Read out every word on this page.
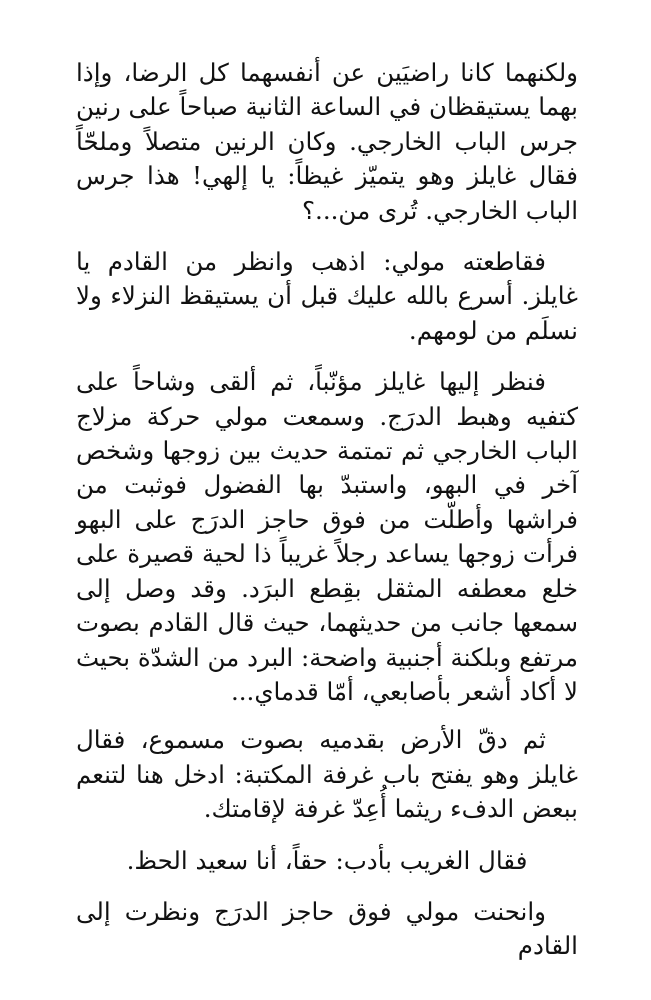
ولكنهما كانا راضيَين عن أنفسهما كل الرضا، وإذا بهما يستيقظان في الساعة الثانية صباحاً على رنين جرس الباب الخارجي. وكان الرنين متصلاً وملحّاً فقال غايلز وهو يتميّز غيظاً: يا إلهي! هذا جرس الباب الخارجي. تُرى من...؟

فقاطعته مولي: اذهب وانظر من القادم يا غايلز. أسرع بالله عليك قبل أن يستيقظ النزلاء ولا نسلَم من لومهم.

فنظر إليها غايلز مؤنّباً، ثم ألقى وشاحاً على كتفيه وهبط الدرَج. وسمعت مولي حركة مزلاج الباب الخارجي ثم تمتمة حديث بين زوجها وشخص آخر في البهو، واستبدّ بها الفضول فوثبت من فراشها وأطلّت من فوق حاجز الدرَج على البهو فرأت زوجها يساعد رجلاً غريباً ذا لحية قصيرة على خلع معطفه المثقل بقِطع البرَد. وقد وصل إلى سمعها جانب من حديثهما، حيث قال القادم بصوت مرتفع وبلكنة أجنبية واضحة: البرد من الشدّة بحيث لا أكاد أشعر بأصابعي، أمّا قدماي...

ثم دقّ الأرض بقدميه بصوت مسموع، فقال غايلز وهو يفتح باب غرفة المكتبة: ادخل هنا لتنعم ببعض الدفء ريثما أُعِدّ غرفة لإقامتك.

فقال الغريب بأدب: حقاً، أنا سعيد الحظ.

وانحنت مولي فوق حاجز الدرَج ونظرت إلى القادم
